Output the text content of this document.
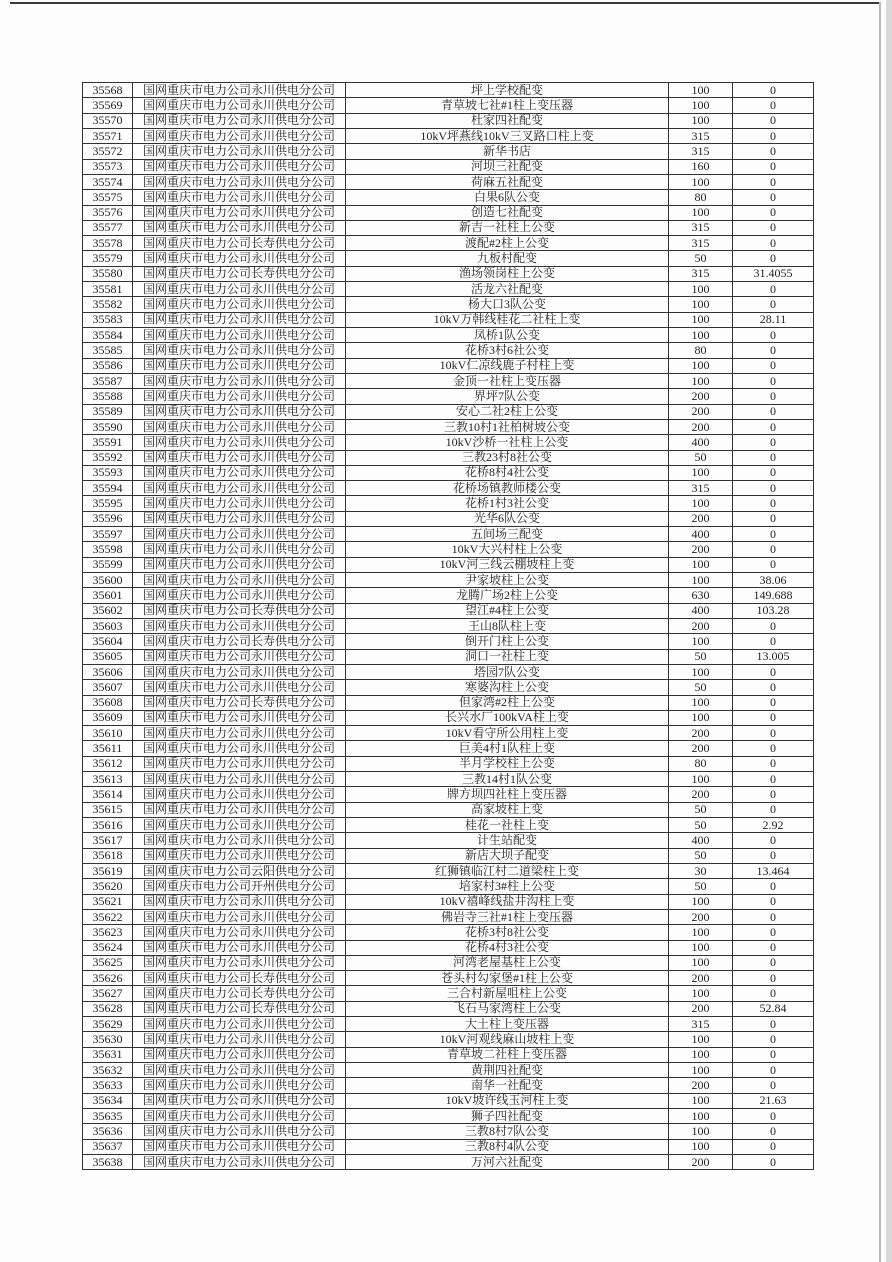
35568	国网重庆市电力公司永川供电分公司	坪上学校配变	100	0
35569	国网重庆市电力公司永川供电分公司	青草坡七社#1柱上变压器	100	0
35570	国网重庆市电力公司永川供电分公司	杜家四社配变	100	0
35571	国网重庆市电力公司永川供电分公司	10kV坪燕线10kV三叉路口柱上变	315	0
35572	国网重庆市电力公司永川供电分公司	新华书店	315	0
35573	国网重庆市电力公司永川供电分公司	河坝三社配变	160	0
35574	国网重庆市电力公司永川供电分公司	荷麻五社配变	100	0
35575	国网重庆市电力公司永川供电分公司	白果6队公变	80	0
35576	国网重庆市电力公司永川供电分公司	创造七社配变	100	0
35577	国网重庆市电力公司永川供电分公司	新吉一社柱上公变	315	0
35578	国网重庆市电力公司长寿供电分公司	渡配#2柱上公变	315	0
35579	国网重庆市电力公司永川供电分公司	九板村配变	50	0
35580	国网重庆市电力公司长寿供电分公司	渔场领岗柱上公变	315	31.4055
35581	国网重庆市电力公司永川供电分公司	活龙六社配变	100	0
35582	国网重庆市电力公司永川供电分公司	杨大口3队公变	100	0
35583	国网重庆市电力公司永川供电分公司	10kV万韩线桂花二社柱上变	100	28.11
35584	国网重庆市电力公司永川供电分公司	凤桥1队公变	100	0
35585	国网重庆市电力公司永川供电分公司	花桥3村6社公变	80	0
35586	国网重庆市电力公司永川供电分公司	10kV仁凉线鹿子村柱上变	100	0
35587	国网重庆市电力公司永川供电分公司	金顶一社柱上变压器	100	0
35588	国网重庆市电力公司永川供电分公司	界坪7队公变	200	0
35589	国网重庆市电力公司永川供电分公司	安心二社2柱上公变	200	0
35590	国网重庆市电力公司永川供电分公司	三教10村1社柏树坡公变	200	0
35591	国网重庆市电力公司永川供电分公司	10kV沙桥一社柱上公变	400	0
35592	国网重庆市电力公司永川供电分公司	三教23村8社公变	50	0
35593	国网重庆市电力公司永川供电分公司	花桥8村4社公变	100	0
35594	国网重庆市电力公司永川供电分公司	花桥场镇教师楼公变	315	0
35595	国网重庆市电力公司永川供电分公司	花桥1村3社公变	100	0
35596	国网重庆市电力公司永川供电分公司	光华6队公变	200	0
35597	国网重庆市电力公司永川供电分公司	五间场三配变	400	0
35598	国网重庆市电力公司永川供电分公司	10kV大兴村柱上公变	200	0
35599	国网重庆市电力公司永川供电分公司	10kV河三线云棚坡柱上变	100	0
35600	国网重庆市电力公司永川供电分公司	尹家坡柱上公变	100	38.06
35601	国网重庆市电力公司永川供电分公司	龙腾广场2柱上公变	630	149.688
35602	国网重庆市电力公司长寿供电分公司	望江#4柱上公变	400	103.28
35603	国网重庆市电力公司永川供电分公司	王山8队柱上变	200	0
35604	国网重庆市电力公司长寿供电分公司	倒开门柱上公变	100	0
35605	国网重庆市电力公司永川供电分公司	洞口一社柱上变	50	13.005
35606	国网重庆市电力公司永川供电分公司	塔园7队公变	100	0
35607	国网重庆市电力公司永川供电分公司	寒婆沟柱上公变	50	0
35608	国网重庆市电力公司长寿供电分公司	但家湾#2柱上公变	100	0
35609	国网重庆市电力公司永川供电分公司	长兴水厂100kVA柱上变	100	0
35610	国网重庆市电力公司永川供电分公司	10kV看守所公用柱上变	200	0
35611	国网重庆市电力公司永川供电分公司	巨美4村1队柱上变	200	0
35612	国网重庆市电力公司永川供电分公司	半月学校柱上公变	80	0
35613	国网重庆市电力公司永川供电分公司	三教14村1队公变	100	0
35614	国网重庆市电力公司永川供电分公司	牌方坝四社柱上变压器	200	0
35615	国网重庆市电力公司永川供电分公司	高家坡柱上变	50	0
35616	国网重庆市电力公司永川供电分公司	桂花一社柱上变	50	2.92
35617	国网重庆市电力公司永川供电分公司	计生站配变	400	0
35618	国网重庆市电力公司永川供电分公司	新店大坝子配变	50	0
35619	国网重庆市电力公司云阳供电分公司	红狮镇临江村二道梁柱上变	30	13.464
35620	国网重庆市电力公司开州供电分公司	培家村3#柱上公变	50	0
35621	国网重庆市电力公司永川供电分公司	10kV禧峰线盐井沟柱上变	100	0
35622	国网重庆市电力公司永川供电分公司	佛岩寺三社#1柱上变压器	200	0
35623	国网重庆市电力公司永川供电分公司	花桥3村8社公变	100	0
35624	国网重庆市电力公司永川供电分公司	花桥4村3社公变	100	0
35625	国网重庆市电力公司永川供电分公司	河湾老屋基柱上公变	100	0
35626	国网重庆市电力公司长寿供电分公司	苍头村勾家堡#1柱上公变	200	0
35627	国网重庆市电力公司长寿供电分公司	三合村新屋咀柱上公变	100	0
35628	国网重庆市电力公司长寿供电分公司	飞石马家湾柱上公变	200	52.84
35629	国网重庆市电力公司永川供电分公司	大土柱上变压器	315	0
35630	国网重庆市电力公司永川供电分公司	10kV河观线麻山坡柱上变	100	0
35631	国网重庆市电力公司永川供电分公司	青草坡二社柱上变压器	100	0
35632	国网重庆市电力公司永川供电分公司	黄荆四社配变	100	0
35633	国网重庆市电力公司永川供电分公司	南华一社配变	200	0
35634	国网重庆市电力公司永川供电分公司	10kV坡许线玉河柱上变	100	21.63
35635	国网重庆市电力公司永川供电分公司	狮子四社配变	100	0
35636	国网重庆市电力公司永川供电分公司	三教8村7队公变	100	0
35637	国网重庆市电力公司永川供电分公司	三教8村4队公变	100	0
35638	国网重庆市电力公司永川供电分公司	万河六社配变	200	0
